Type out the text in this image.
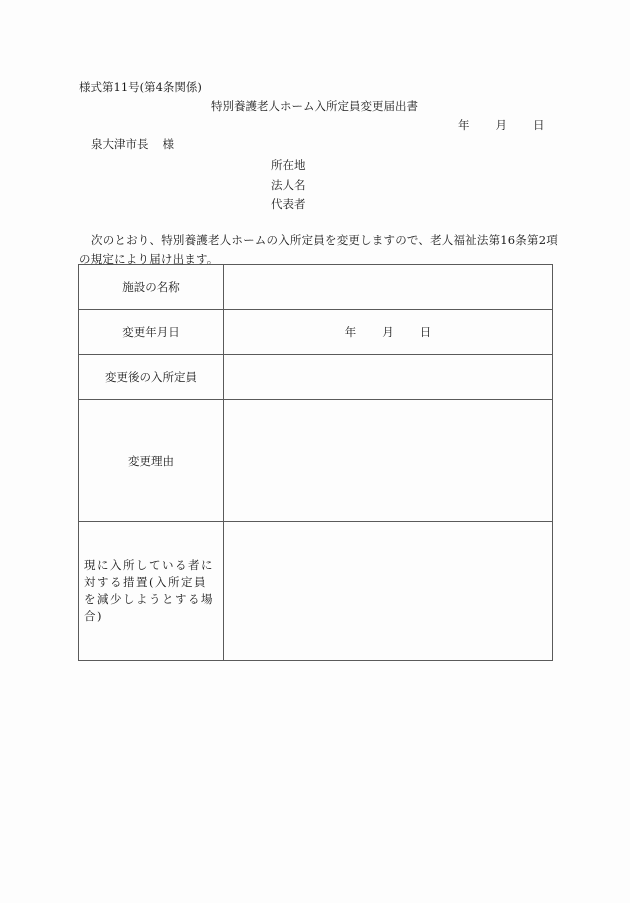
様式第11号(第4条関係)
特別養護老人ホーム入所定員変更届出書
年 月 日
泉大津市長 様
所在地
法人名
代表者
次のとおり、特別養護老人ホームの入所定員を変更しますので、老人福祉法第16条第2項の規定により届け出ます。
施設の名称	
変更年月日	年 月 日
変更後の入所定員	
変更理由	
現に入所している者に対する措置(入所定員を減少しようとする場合)	
